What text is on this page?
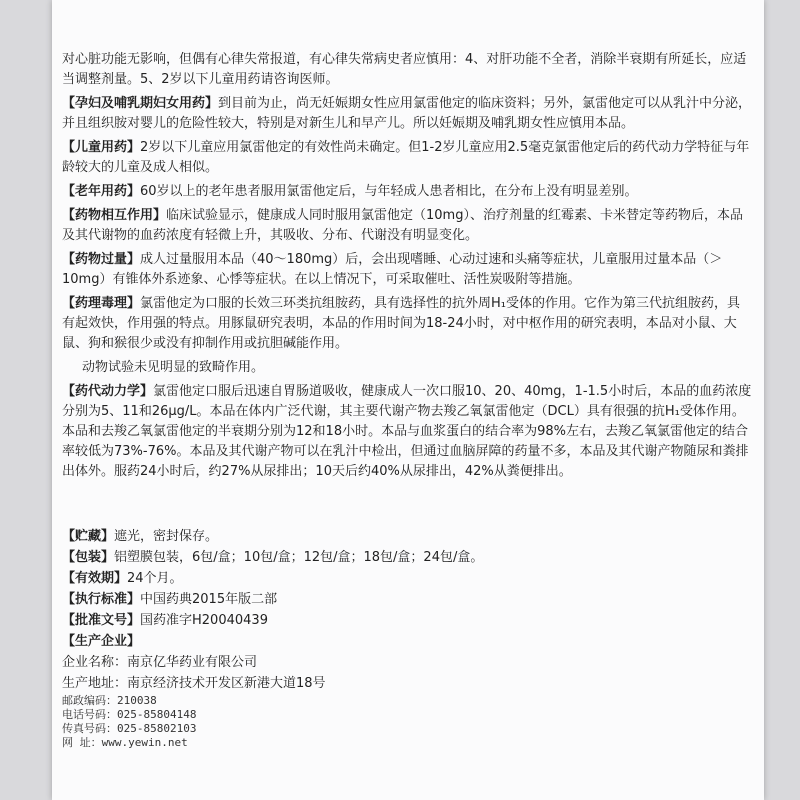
对心脏功能无影响，但偶有心律失常报道，有心律失常病史者应慎用：4、对肝功能不全者，消除半衰期有所延长，应适当调整剂量。5、2岁以下儿童用药请咨询医师。

【孕妇及哺乳期妇女用药】到目前为止，尚无妊娠期女性应用氯雷他定的临床资料；另外，氯雷他定可以从乳汁中分泌，并且组织胺对婴儿的危险性较大，特别是对新生儿和早产儿。所以妊娠期及哺乳期女性应慎用本品。

【儿童用药】2岁以下儿童应用氯雷他定的有效性尚未确定。但1-2岁儿童应用2.5毫克氯雷他定后的药代动力学特征与年龄较大的儿童及成人相似。

【老年用药】60岁以上的老年患者服用氯雷他定后，与年轻成人患者相比，在分布上没有明显差别。

【药物相互作用】临床试验显示，健康成人同时服用氯雷他定（10mg）、治疗剂量的红霉素、卡米替定等药物后，本品及其代谢物的血药浓度有轻微上升，其吸收、分布、代谢没有明显变化。

【药物过量】成人过量服用本品（40～180mg）后，会出现嗜睡、心动过速和头痛等症状，儿童服用过量本品（＞10mg）有锥体外系迹象、心悸等症状。在以上情况下，可采取催吐、活性炭吸附等措施。

【药理毒理】氯雷他定为口服的长效三环类抗组胺药，具有选择性的抗外周H₁受体的作用。它作为第三代抗组胺药，具有起效快，作用强的特点。用豚鼠研究表明，本品的作用时间为18-24小时，对中枢作用的研究表明，本品对小鼠、大鼠、狗和猴很少或没有抑制作用或抗胆碱能作用。

动物试验未见明显的致畸作用。

【药代动力学】氯雷他定口服后迅速自胃肠道吸收，健康成人一次口服10、20、40mg，1-1.5小时后，本品的血药浓度分别为5、11和26μg/L。本品在体内广泛代谢，其主要代谢产物去羧乙氧氯雷他定（DCL）具有很强的抗H₁受体作用。本品和去羧乙氧氯雷他定的半衰期分别为12和18小时。本品与血浆蛋白的结合率为98%左右，去羧乙氧氯雷他定的结合率较低为73%-76%。本品及其代谢产物可以在乳汁中检出，但通过血脑屏障的药量不多，本品及其代谢产物随尿和粪排出体外。服药24小时后，约27%从尿排出；10天后约40%从尿排出，42%从粪便排出。

【贮藏】遮光，密封保存。

【包装】铝塑膜包装，6包/盒；10包/盒；12包/盒；18包/盒；24包/盒。

【有效期】24个月。

【执行标准】中国药典2015年版二部

【批准文号】国药准字H20040439

【生产企业】

企业名称：南京亿华药业有限公司

生产地址：南京经济技术开发区新港大道18号

邮政编码：210038

电话号码：025-85804148

传真号码：025-85802103

网 址：www.yewin.net
